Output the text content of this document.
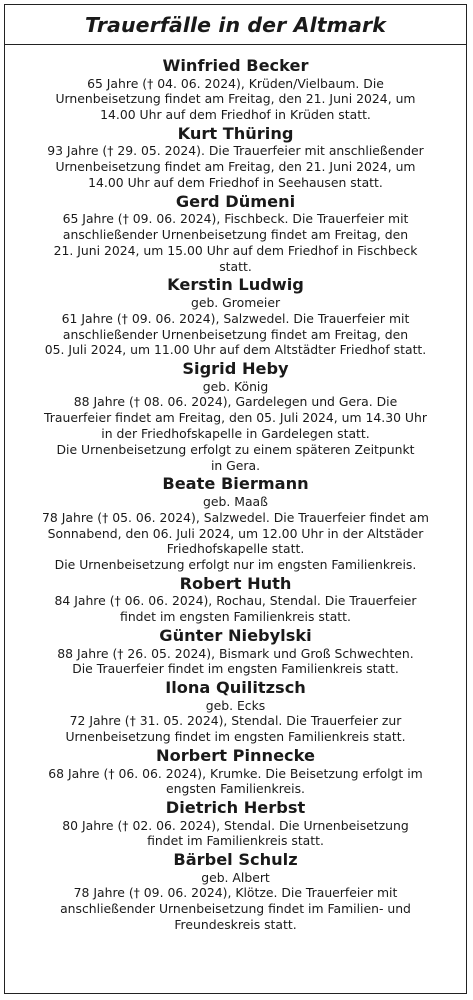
Trauerfälle in der Altmark
Winfried Becker
65 Jahre († 04. 06. 2024), Krüden/Vielbaum. Die
Urnenbeisetzung findet am Freitag, den 21. Juni 2024, um
14.00 Uhr auf dem Friedhof in Krüden statt.
Kurt Thüring
93 Jahre († 29. 05. 2024). Die Trauerfeier mit anschließender
Urnenbeisetzung findet am Freitag, den 21. Juni 2024, um
14.00 Uhr auf dem Friedhof in Seehausen statt.
Gerd Dümeni
65 Jahre († 09. 06. 2024), Fischbeck. Die Trauerfeier mit
anschließender Urnenbeisetzung findet am Freitag, den
21. Juni 2024, um 15.00 Uhr auf dem Friedhof in Fischbeck
statt.
Kerstin Ludwig
geb. Gromeier
61 Jahre († 09. 06. 2024), Salzwedel. Die Trauerfeier mit
anschließender Urnenbeisetzung findet am Freitag, den
05. Juli 2024, um 11.00 Uhr auf dem Altstädter Friedhof statt.
Sigrid Heby
geb. König
88 Jahre († 08. 06. 2024), Gardelegen und Gera. Die
Trauerfeier findet am Freitag, den 05. Juli 2024, um 14.30 Uhr
in der Friedhofskapelle in Gardelegen statt.
Die Urnenbeisetzung erfolgt zu einem späteren Zeitpunkt
in Gera.
Beate Biermann
geb. Maaß
78 Jahre († 05. 06. 2024), Salzwedel. Die Trauerfeier findet am
Sonnabend, den 06. Juli 2024, um 12.00 Uhr in der Altstäder
Friedhofskapelle statt.
Die Urnenbeisetzung erfolgt nur im engsten Familienkreis.
Robert Huth
84 Jahre († 06. 06. 2024), Rochau, Stendal. Die Trauerfeier
findet im engsten Familienkreis statt.
Günter Niebylski
88 Jahre († 26. 05. 2024), Bismark und Groß Schwechten.
Die Trauerfeier findet im engsten Familienkreis statt.
Ilona Quilitzsch
geb. Ecks
72 Jahre († 31. 05. 2024), Stendal. Die Trauerfeier zur
Urnenbeisetzung findet im engsten Familienkreis statt.
Norbert Pinnecke
68 Jahre († 06. 06. 2024), Krumke. Die Beisetzung erfolgt im
engsten Familienkreis.
Dietrich Herbst
80 Jahre († 02. 06. 2024), Stendal. Die Urnenbeisetzung
findet im Familienkreis statt.
Bärbel Schulz
geb. Albert
78 Jahre († 09. 06. 2024), Klötze. Die Trauerfeier mit
anschließender Urnenbeisetzung findet im Familien- und
Freundeskreis statt.
